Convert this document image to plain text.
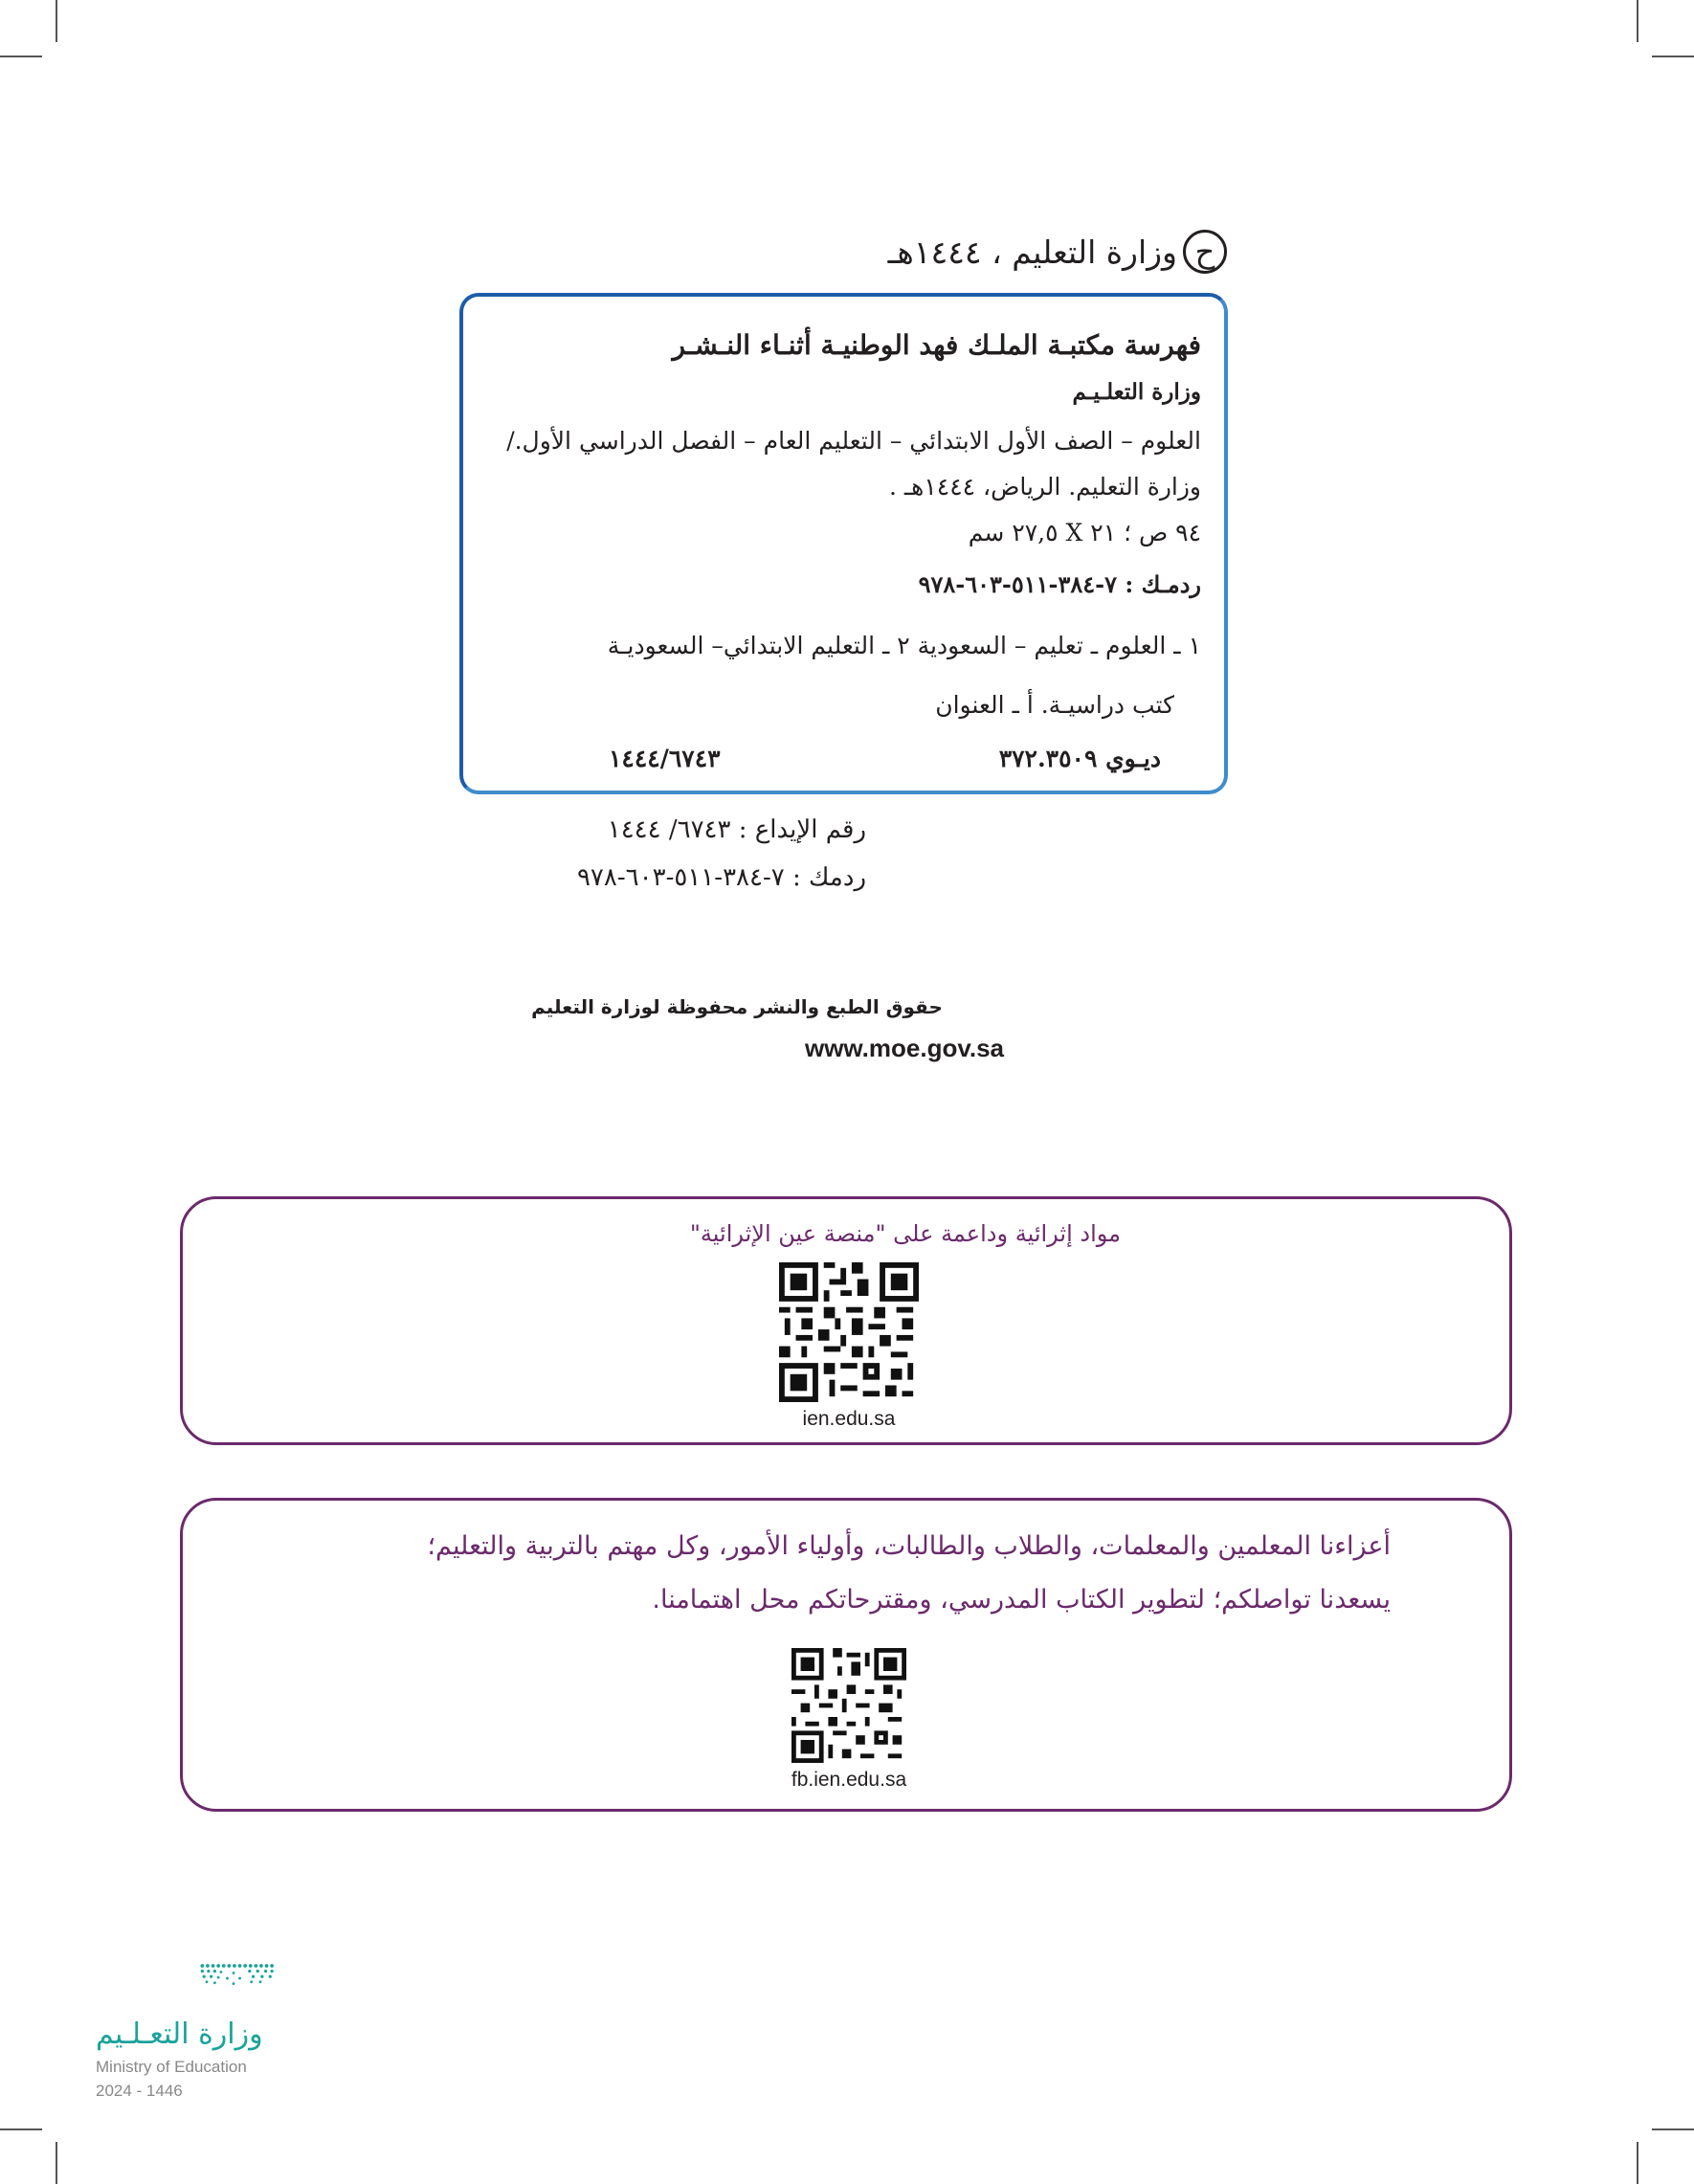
ح
وزارة التعليم ، ١٤٤٤هـ
فهرسة مكتبـة الملـك فهد الوطنيـة أثنـاء النـشـر
وزارة التعلـيـم
العلوم – الصف الأول الابتدائي – التعليم العام – الفصل الدراسي الأول./
وزارة التعليم. الرياض، ١٤٤٤هـ .
٩٤ ص ؛ ٢١ X ٢٧,٥ سم
ردمـك : ٧-٣٨٤-٥١١-٦٠٣-٩٧٨
١ ـ العلوم ـ تعليم – السعودية ٢ ـ التعليم الابتدائي– السعوديـة
كتب دراسيـة. أ ـ العنوان
ديـوي ٣٧٢.٣٥٠٩
١٤٤٤/٦٧٤٣
رقم الإيداع : ٦٧٤٣/ ١٤٤٤
ردمك : ٧-٣٨٤-٥١١-٦٠٣-٩٧٨
حقوق الطبع والنشر محفوظة لوزارة التعليم
www.moe.gov.sa
مواد إثرائية وداعمة على "منصة عين الإثرائية"
ien.edu.sa
أعزاءنا المعلمين والمعلمات، والطلاب والطالبات، وأولياء الأمور، وكل مهتم بالتربية والتعليم؛
يسعدنا تواصلكم؛ لتطوير الكتاب المدرسي، ومقترحاتكم محل اهتمامنا.
fb.ien.edu.sa
وزارة التعـلـيم
Ministry of Education
2024 - 1446
